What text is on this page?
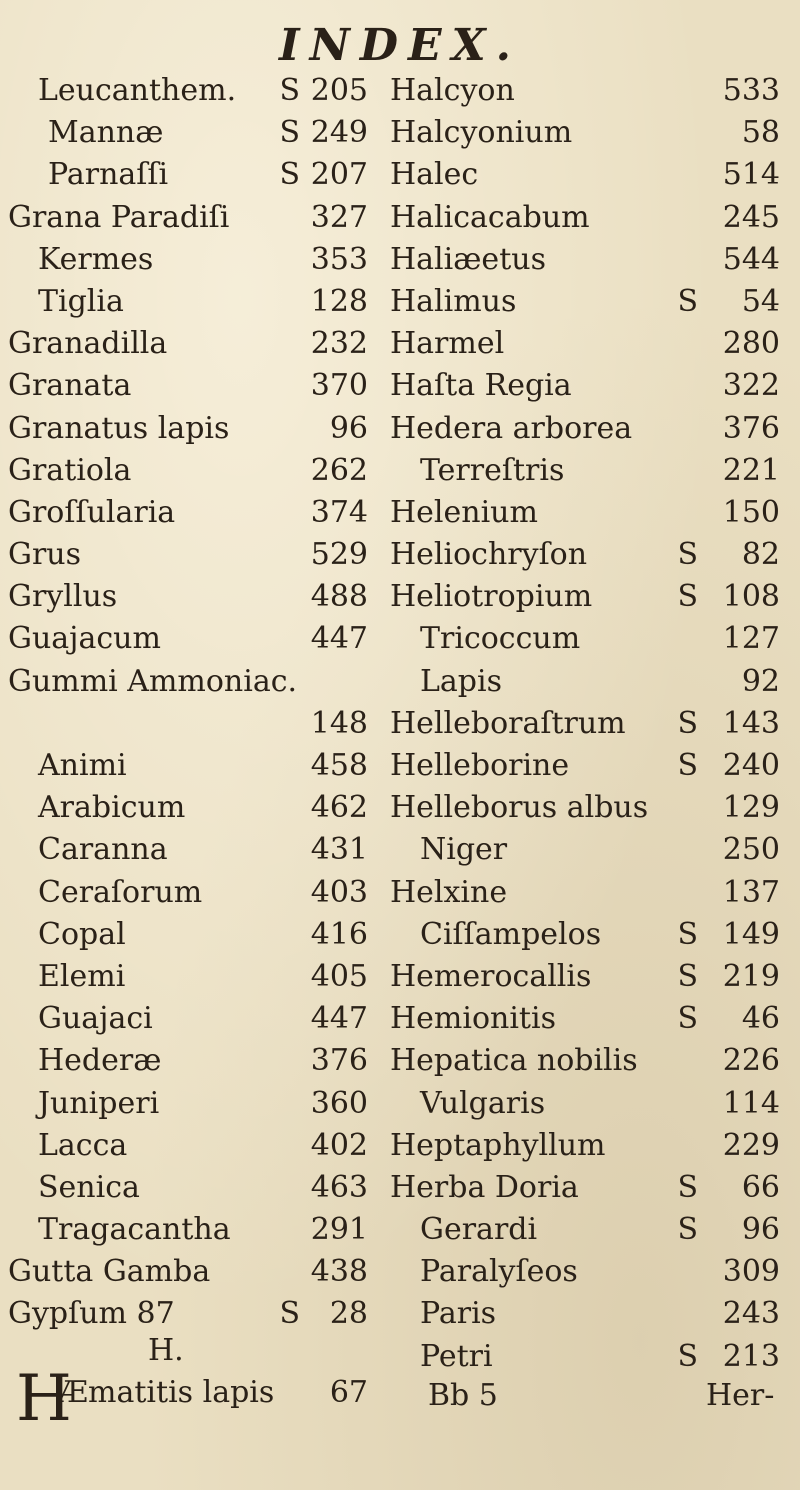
INDEX.
Leucanthem. S 205
Mannæ	S 249
Parnaſſi	S 207
Grana Paradiſi	327
Kermes	353
Tiglia	128
Granadilla	232
Granata	370
Granatus lapis	96
Gratiola	262
Groſſularia	374
Grus	529
Gryllus	488
Guajacum	447
Gummi Ammoniac.
148
Animi	458
Arabicum	462
Caranna	431
Ceraſorum	403
Copal	416
Elemi	405
Guajaci	447
Hederæ	376
Juniperi	360
Lacca	402
Senica	463
Tragacantha	291
Gutta Gamba	438
Gypſum 87	S 28
H.
H
Æmatitis lapis 67
Halcyon	533
Halcyonium	58
Halec	514
Halicacabum	245
Haliæetus	544
Halimus	S 54
Harmel	280
Haſta Regia	322
Hedera arborea	376
Terreſtris	221
Helenium	150
Heliochryſon	S 82
Heliotropium	S 108
Tricoccum	127
Lapis	92
Helleboraſtrum S 143
Helleborine	S 240
Helleborus albus 129
Niger	250
Helxine	137
Ciſſampelos	S 149
Hemerocallis	S 219
Hemionitis	S 46
Hepatica nobilis	226
Vulgaris	114
Heptaphyllum	229
Herba Doria	S 66
Gerardi	S 96
Paralyſeos	309
Paris	243
Petri	S 213
Bb 5	Her-
